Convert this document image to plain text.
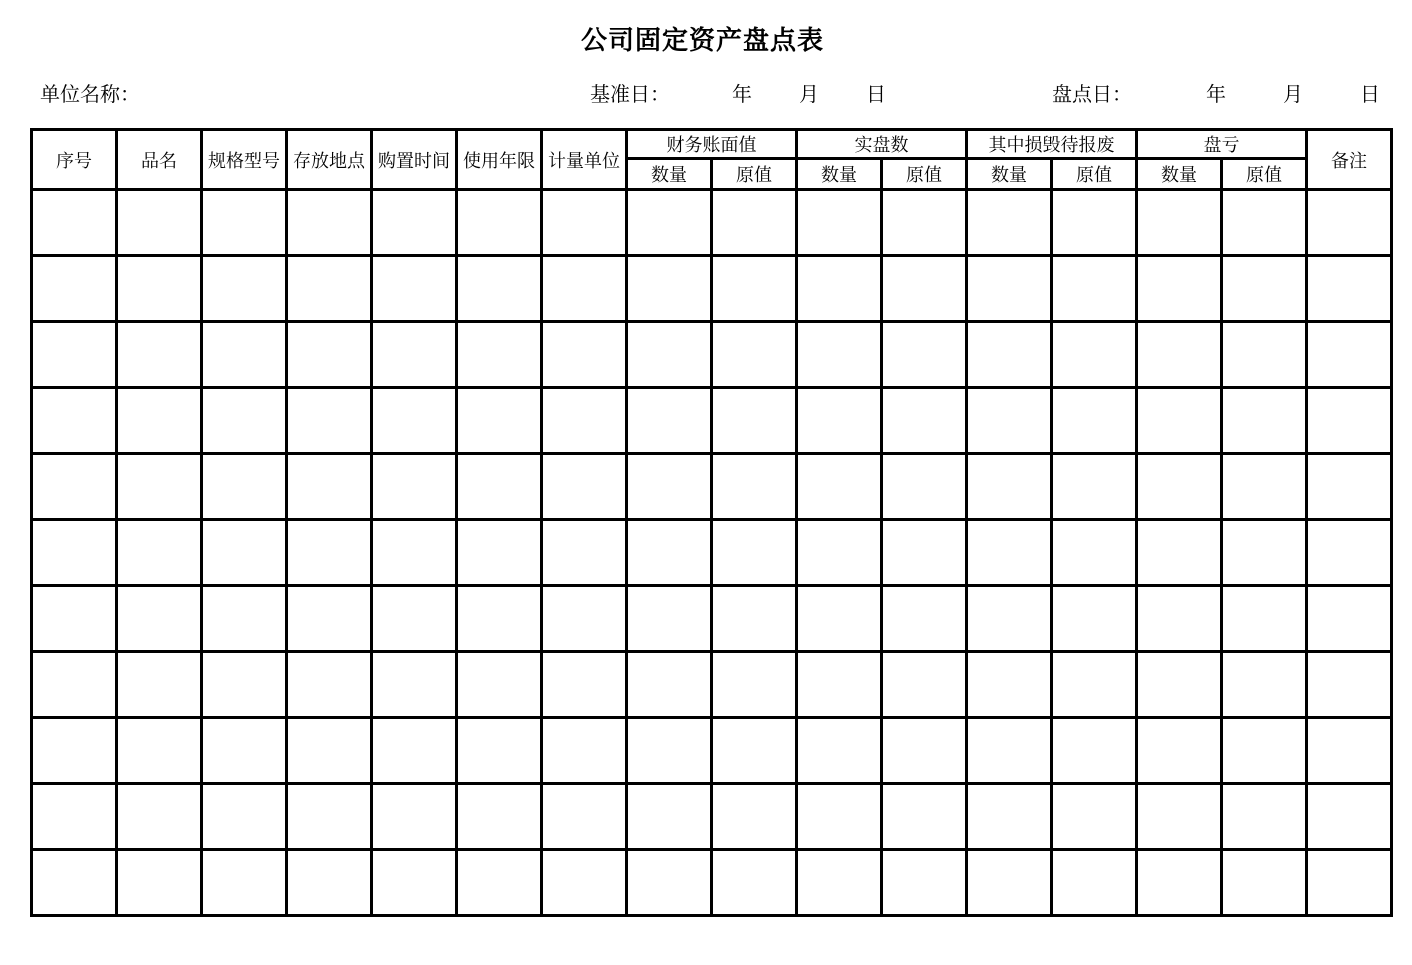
公司固定资产盘点表
单位名称：	基准日：	年 月 日	盘点日：	年	月	日
序号	品名	规格型号	存放地点	购置时间	使用年限	计量单位	财务账面值		实盘数		其中损毁待报废		盘亏		备注
							数量	原值	数量	原值	数量	原值	数量	原值	
